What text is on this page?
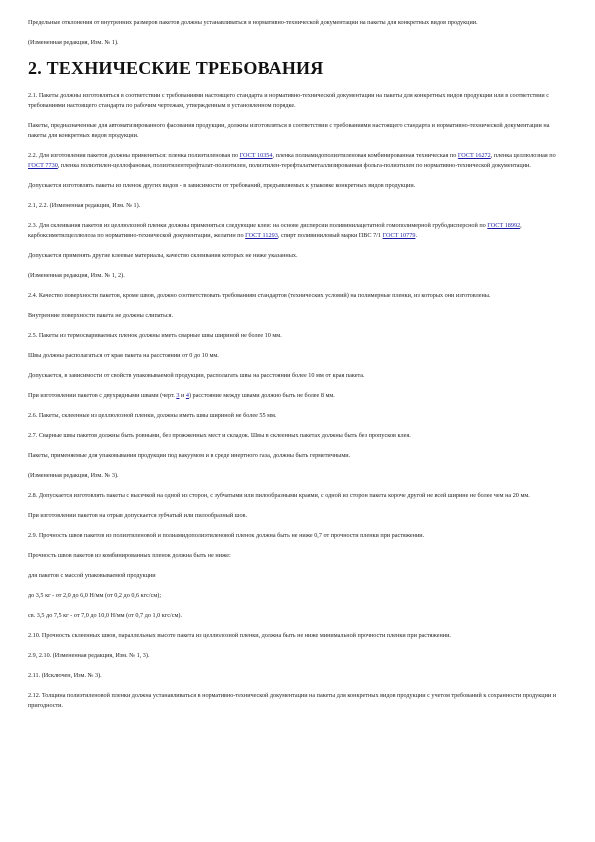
Предельные отклонения от внутренних размеров пакетов должны устанавливаться в нормативно-технической документации на пакеты для конкретных видов продукции.

(Измененная редакция, Изм. № 1).

2. ТЕХНИЧЕСКИЕ ТРЕБОВАНИЯ

2.1. Пакеты должны изготовляться в соответствии с требованиями настоящего стандарта и нормативно-технической документации на пакеты для конкретных видов продукции или в соответствии с требованиями настоящего стандарта по рабочим чертежам, утвержденным в установленном порядке.

Пакеты, предназначенные для автоматизированного фасования продукции, должны изготовляться в соответствии с требованиями настоящего стандарта и нормативно-технической документации на пакеты для конкретных видов продукции.

2.2. Для изготовления пакетов должны применяться: пленка полиэтиленовая по ГОСТ 10354, пленка полиамидополиэтиленовая комбинированная техническая по ГОСТ 16272, пленка целлюлозная по ГОСТ 7730, пленка полиэтилен-целлофановая, полиэтилентерефталат-полиэтилен, полиэтилен-терефталатметаллизированная фольга-полиэтилен по нормативно-технической документации.

Допускается изготовлять пакеты из пленок других видов - в зависимости от требований, предъявляемых к упаковке конкретных видов продукции.

2.1, 2.2. (Измененная редакция, Изм. № 1).

2.3. Для склеивания пакетов из целлюлозной пленки должны применяться следующие клеи: на основе дисперсии поливинилацетатной гомополимерной грубодисперсной по ГОСТ 18992, карбоксиметилцеллюлоза по нормативно-технической документации, желатин по ГОСТ 11293, спирт поливиниловый марки ПВС 7/1 ГОСТ 10779.

Допускается применять другие клеевые материалы, качество склеивания которых не ниже указанных.

(Измененная редакция, Изм. № 1, 2).

2.4. Качество поверхности пакетов, кроме швов, должно соответствовать требованиям стандартов (технических условий) на полимерные пленки, из которых они изготовлены.

Внутренние поверхности пакета не должны слипаться.

2.5. Пакеты из термосвариваемых пленок должны иметь сварные швы шириной не более 10 мм.

Швы должны располагаться от края пакета на расстоянии от 0 до 10 мм.

Допускается, в зависимости от свойств упаковываемой продукции, располагать швы на расстоянии более 10 мм от края пакета.

При изготовлении пакетов с двухрядными швами (черт. 3 и 4) расстояние между швами должно быть не более 8 мм.

2.6. Пакеты, склеенные из целлюлозной пленки, должны иметь швы шириной не более 55 мм.

2.7. Сварные швы пакетов должны быть ровными, без прожженных мест и складок. Швы в склеенных пакетах должны быть без пропусков клея.

Пакеты, применяемые для упаковывания продукции под вакуумом и в среде инертного газа, должны быть герметичными.

(Измененная редакция, Изм. № 3).

2.8. Допускается изготовлять пакеты с высечкой на одной из сторон, с зубчатыми или пилообразными краями, с одной из сторон пакета короче другой не всей ширине не более чем на 20 мм.

При изготовлении пакетов на отрыв допускается зубчатый или пилообразный шов.

2.9. Прочность швов пакетов из полиэтиленовой и полиамидополиэтиленовой пленок должна быть не ниже 0,7 от прочности пленки при растяжении.

Прочность швов пакетов из комбинированных пленок должна быть не ниже:

для пакетов с массой упаковываемой продукции

до 3,5 кг - от 2,0 до 6,0 Н/мм (от 0,2 до 0,6 кгс/см);

св. 3,5 до 7,5 кг - от 7,0 до 10,0 Н/мм (от 0,7 до 1,0 кгс/см).

2.10. Прочность склеенных швов, параллельных высоте пакета из целлюлозной пленки, должна быть не ниже минимальной прочности пленки при растяжении.

2.9, 2.10. (Измененная редакция, Изм. № 1, 3).

2.11. (Исключен, Изм. № 3).

2.12. Толщина полиэтиленовой пленки должна устанавливаться в нормативно-технической документации на пакеты для конкретных видов продукции с учетом требований к сохранности продукции и пригодности.
